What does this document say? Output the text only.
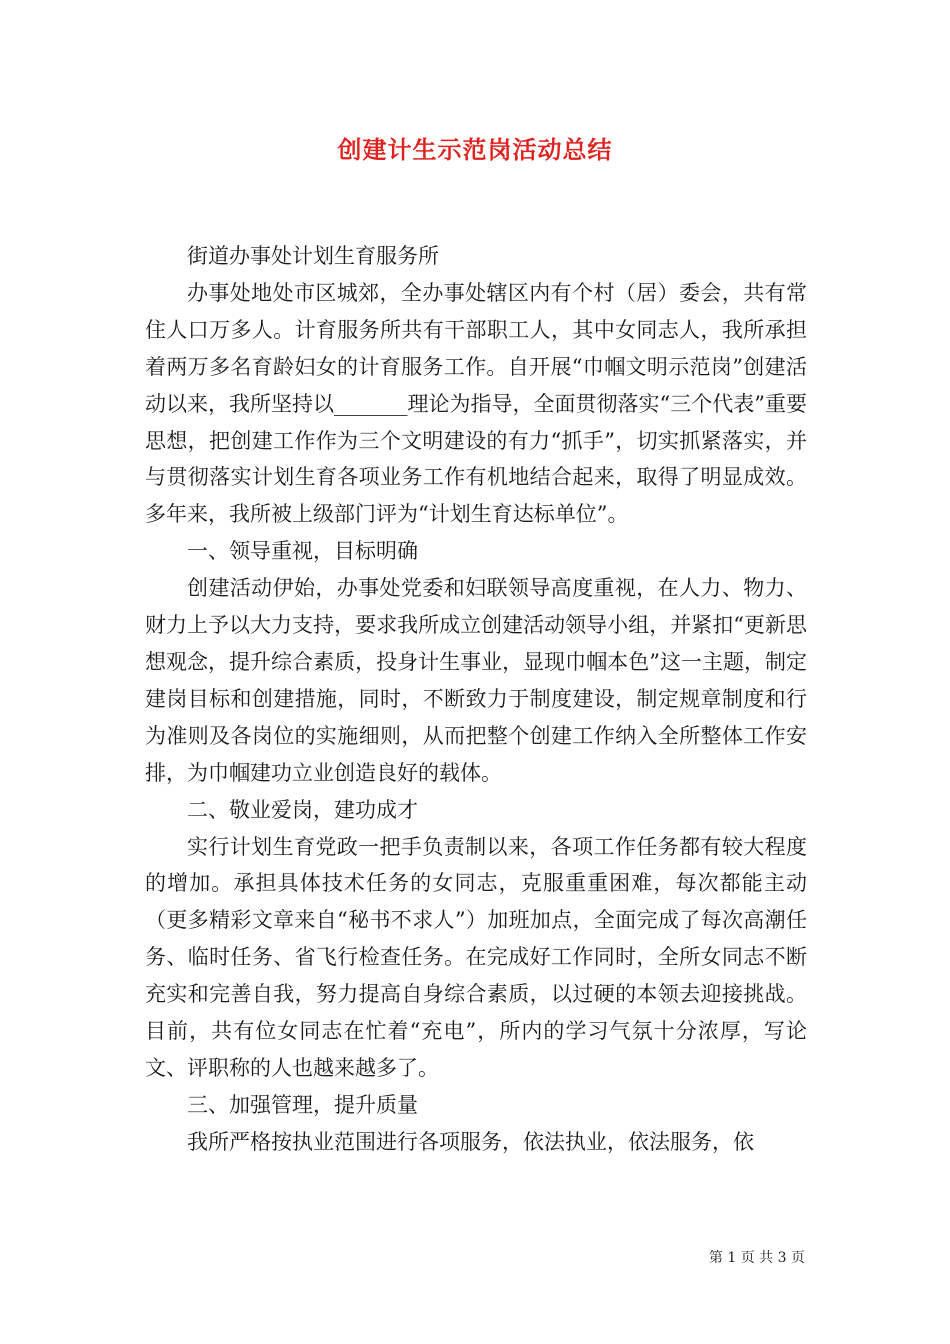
创建计生示范岗活动总结

街道办事处计划生育服务所

办事处地处市区城郊，全办事处辖区内有个村（居）委会，共有常住人口万多人。计育服务所共有干部职工人，其中女同志人，我所承担着两万多名育龄妇女的计育服务工作。自开展“巾帼文明示范岗”创建活动以来，我所坚持以_______理论为指导，全面贯彻落实“三个代表”重要思想，把创建工作作为三个文明建设的有力“抓手”，切实抓紧落实，并与贯彻落实计划生育各项业务工作有机地结合起来，取得了明显成效。多年来，我所被上级部门评为“计划生育达标单位”。

一、领导重视，目标明确

创建活动伊始，办事处党委和妇联领导高度重视，在人力、物力、财力上予以大力支持，要求我所成立创建活动领导小组，并紧扣“更新思想观念，提升综合素质，投身计生事业，显现巾帼本色”这一主题，制定建岗目标和创建措施，同时，不断致力于制度建设，制定规章制度和行为准则及各岗位的实施细则，从而把整个创建工作纳入全所整体工作安排，为巾帼建功立业创造良好的载体。

二、敬业爱岗，建功成才

实行计划生育党政一把手负责制以来，各项工作任务都有较大程度的增加。承担具体技术任务的女同志，克服重重困难，每次都能主动（更多精彩文章来自“秘书不求人”）加班加点，全面完成了每次高潮任务、临时任务、省飞行检查任务。在完成好工作同时，全所女同志不断充实和完善自我，努力提高自身综合素质，以过硬的本领去迎接挑战。目前，共有位女同志在忙着“充电”，所内的学习气氛十分浓厚，写论文、评职称的人也越来越多了。

三、加强管理，提升质量

我所严格按执业范围进行各项服务，依法执业，依法服务，依

第 1 页 共 3 页
